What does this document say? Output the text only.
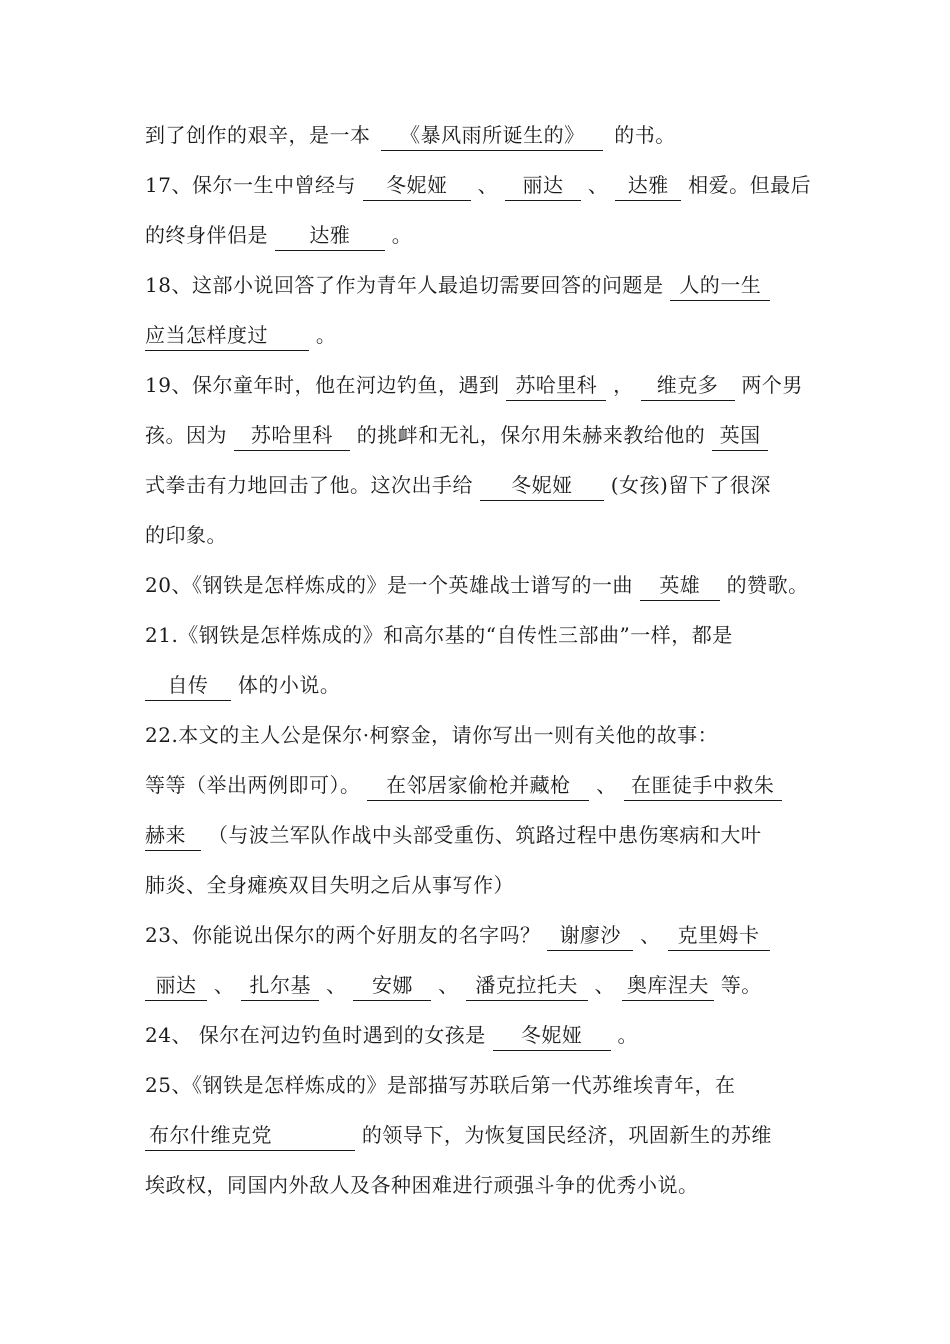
到了创作的艰辛，是一本 《暴风雨所诞生的》 的书。
17、保尔一生中曾经与 冬妮娅 、 丽达 、 达雅 相爱。但最后
的终身伴侣是 达雅 。
18、这部小说回答了作为青年人最追切需要回答的问题是 人的一生
应当怎样度过 。
19、保尔童年时，他在河边钓鱼，遇到 苏哈里科 ， 维克多 两个男
孩。因为 苏哈里科 的挑衅和无礼，保尔用朱赫来教给他的 英国
式拳击有力地回击了他。这次出手给 冬妮娅 (女孩)留下了很深
的印象。
20、《钢铁是怎样炼成的》是一个英雄战士谱写的一曲 英雄 的赞歌。
21.《钢铁是怎样炼成的》和高尔基的“自传性三部曲”一样，都是
自传 体的小说。
22.本文的主人公是保尔·柯察金，请你写出一则有关他的故事：
等等（举出两例即可）。 在邻居家偷枪并藏枪 、 在匪徒手中救朱
赫来 （与波兰军队作战中头部受重伤、筑路过程中患伤寒病和大叶
肺炎、全身瘫痪双目失明之后从事写作）
23、你能说出保尔的两个好朋友的名字吗？ 谢廖沙 、 克里姆卡
丽达 、 扎尔基 、 安娜 、 潘克拉托夫 、 奥库涅夫 等。
24、 保尔在河边钓鱼时遇到的女孩是 冬妮娅 。
25、《钢铁是怎样炼成的》是部描写苏联后第一代苏维埃青年，在
布尔什维克党	的领导下，为恢复国民经济，巩固新生的苏维
埃政权，同国内外敌人及各种困难进行顽强斗争的优秀小说。
